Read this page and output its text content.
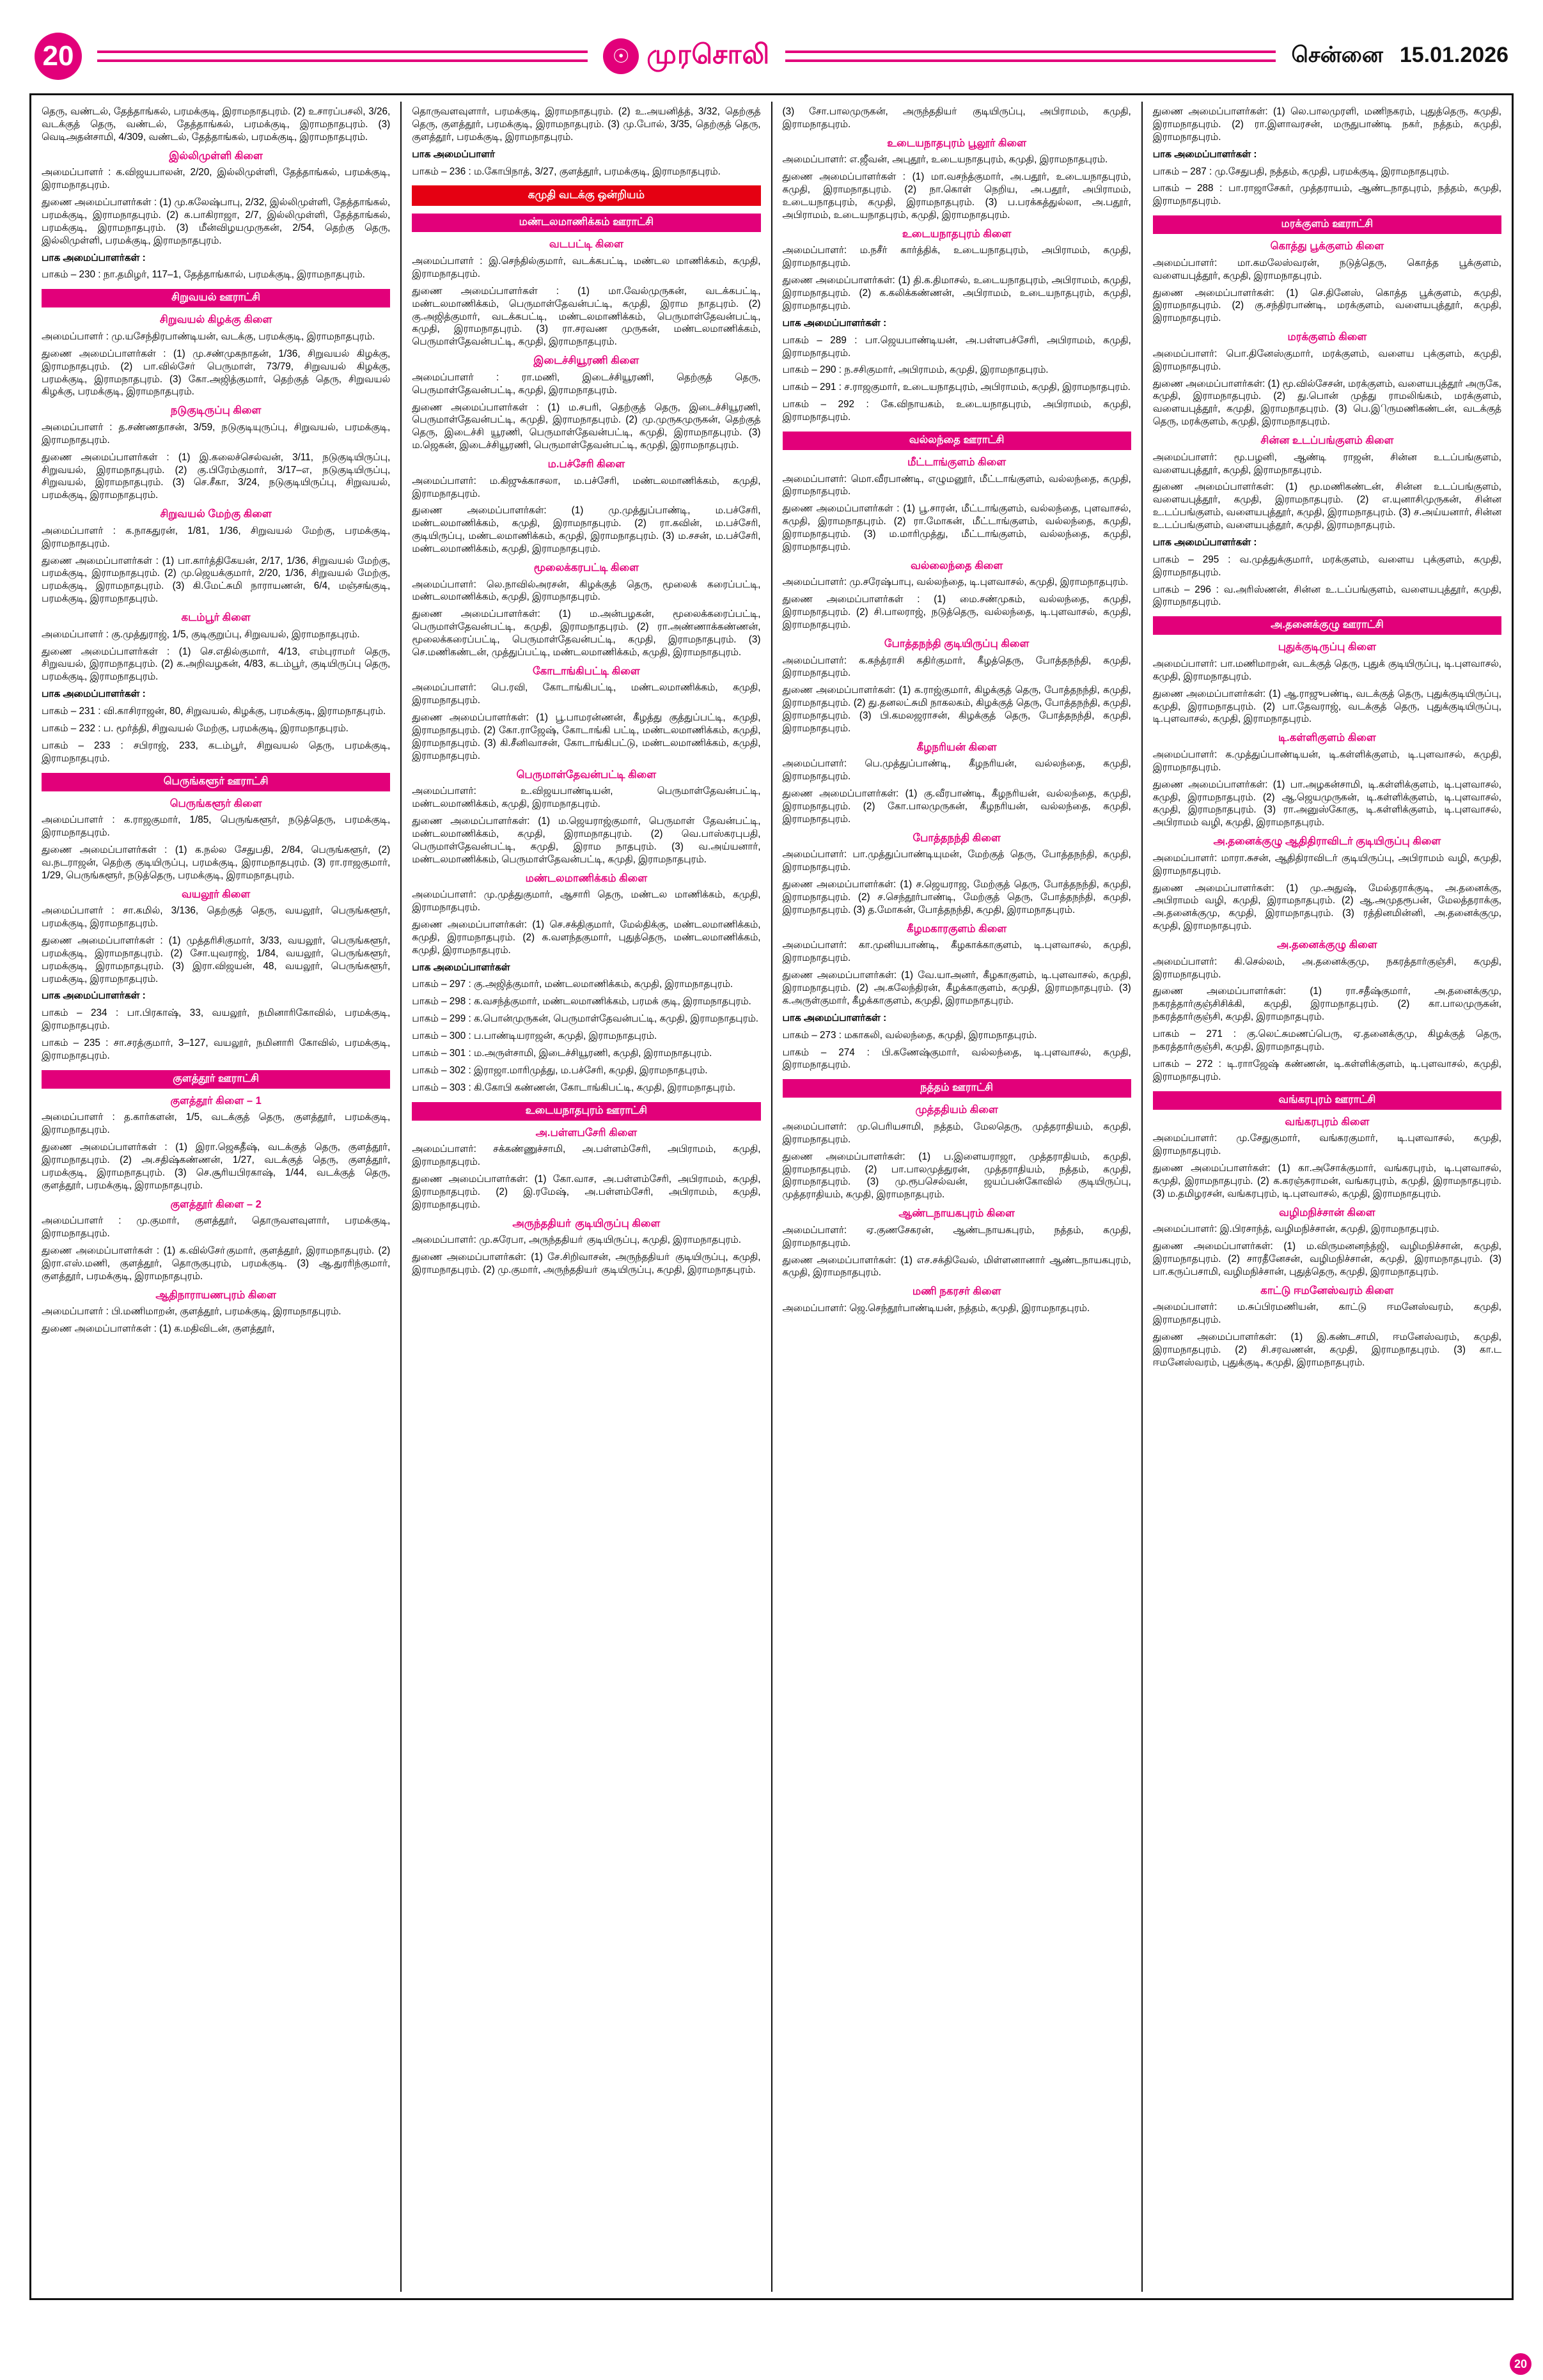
20	☉ முரசொலி	சென்னை 15.01.2026

தெரு, வண்டல், தேத்தாங்கல், பரமக்குடி, இராமநாதபுரம். (2) உசாரப்பசலி, 3/26, வடக்குத் தெரு, வண்டல், தேத்தாங்கல், பரமக்குடி, இராமநாதபுரம். (3) வெடிஅதன்சாமி, 4/309, வண்டல், தேத்தாங்கல், பரமக்குடி, இராமநாதபுரம்.

இல்லிமுள்ளி கிளை

அமைப்பாளர் : க.விஜயபாலன், 2/20, இல்லிமுள்ளி, தேத்தாங்கல், பரமக்குடி, இராமநாதபுரம்.

துணை அமைப்பாளர்கள் : (1) மு.கலேஷ்பாபு, 2/32, இல்லிமுள்ளி, தேத்தாங்கல், பரமக்குடி, இராமநாதபுரம். (2) க.பாகிராஜா, 2/7, இல்லிமுள்ளி, தேத்தாங்கல், பரமக்குடி, இராமநாதபுரம். (3) மீன்விழயமுருகன், 2/54, தெற்கு தெரு, இல்லிமுள்ளி, பரமக்குடி, இராமநாதபுரம்.

பாக அமைப்பாளர்கள் :

பாகம் – 230 : நா.தமிழர், 117–1, தேத்தாங்கால், பரமக்குடி, இராமநாதபுரம்.

சிறுவயல் ஊராட்சி
சிறுவயல் கிழக்கு கிளை

அமைப்பாளர் : மு.யசேந்திரபாண்டியன், வடக்கு, பரமக்குடி, இராமநாதபுரம்.

துணை அமைப்பாளர்கள் : (1) மு.சண்முகநாதன், 1/36, சிறுவயல் கிழக்கு, இராமநாதபுரம். (2) பா.வில்சோ் பெருமாள், 73/79, சிறுவயல் கிழக்கு, பரமக்குடி, இராமநாதபுரம். (3) கோ.அஜித்குமார், தெற்குத் தெரு, சிறுவயல் கிழக்கு, பரமக்குடி, இராமநாதபுரம்.

நடுகுடிருப்பு கிளை

அமைப்பாளர் : த.சண்ணதாசன், 3/59, நடுகுடியுருப்பு, சிறுவயல், பரமக்குடி, இராமநாதபுரம்.

துணை அமைப்பாளர்கள் : (1) இ.கலைச்செல்வன், 3/11, நடுகுடியிருப்பு, சிறுவயல், இராமநாதபுரம். (2) கு.பிரேம்குமார், 3/17–எ, நடுகுடியிருப்பு, சிறுவயல், இராமநாதபுரம். (3) செ.சீகா, 3/24, நடுகுடியிருப்பு, சிறுவயல், பரமக்குடி, இராமநாதபுரம்.

சிறுவயல் மேற்கு கிளை

அமைப்பாளர் : க.நாகதுரன், 1/81, 1/36, சிறுவயல் மேற்கு, பரமக்குடி, இராமநாதபுரம்.

துணை அமைப்பாளர்கள் : (1) பா.கார்த்திகேயன், 2/17, 1/36, சிறுவயல் மேற்கு, பரமக்குடி, இராமநாதபுரம். (2) மு.ஜெயக்குமார், 2/20, 1/36, சிறுவயல் மேற்கு, பரமக்குடி, இராமநாதபுரம். (3) கி.மேட்சுமி நாராயணன், 6/4, மஞ்சங்குடி, பரமக்குடி, இராமநாதபுரம்.

கடம்பூர் கிளை

அமைப்பாளர் : கு.முத்துராஜ், 1/5, குடிகுறுப்பு, சிறுவயல், இராமநாதபுரம்.

துணை அமைப்பாளர்கள் : (1) செ.எதில்குமார், 4/13, எம்புராமர் தெரு, சிறுவயல், இராமநாதபுரம். (2) க.அறிவழகன், 4/83, கடம்பூர், குடியிருப்பு தெரு, பரமக்குடி, இராமநாதபுரம்.

பாக அமைப்பாளர்கள் :

பாகம் – 231 : வி.காசிராஜன், 80, சிறுவயல், கிழக்கு, பரமக்குடி, இராமநாதபுரம்.

பாகம் – 232 : ப. மூர்த்தி, சிறுவயல் மேற்கு, பரமக்குடி, இராமநாதபுரம்.

பாகம் – 233 : சபிராஜ், 233, கடம்பூர், சிறுவயல் தெரு, பரமக்குடி, இராமநாதபுரம்.

பெருங்களூர் ஊராட்சி
பெருங்களூர் கிளை

அமைப்பாளர் : க.ராஜகுமார், 1/85, பெருங்களூர், நடுத்தெரு, பரமக்குடி, இராமநாதபுரம்.

துணை அமைப்பாளர்கள் : (1) க.நல்ல சேதுபதி, 2/84, பெருங்களூர், (2) வ.நடராஜன், தெற்கு குடியிருப்பு, பரமக்குடி, இராமநாதபுரம். (3) ரா.ராஜகுமார், 1/29, பெருங்களூர், நடுத்தெரு, பரமக்குடி, இராமநாதபுரம்.

வயலூர் கிளை

அமைப்பாளர் : சா.கமில், 3/136, தெற்குத் தெரு, வயலூர், பெருங்களூர், பரமக்குடி, இராமநாதபுரம்.

துணை அமைப்பாளர்கள் : (1) முத்தரிசிகுமார், 3/33, வயலூர், பெருங்களூர், பரமக்குடி, இராமநாதபுரம். (2) சோ.யுவராஜ், 1/84, வயலூர், பெருங்களூர், பரமக்குடி, இராமநாதபுரம். (3) இரா.விஜயன், 48, வயலூர், பெருங்களூர், பரமக்குடி, இராமநாதபுரம்.

பாக அமைப்பாளர்கள் :

பாகம் – 234 : பா.பிரகாஷ், 33, வயலூர், நமினாரிகோவில், பரமக்குடி, இராமநாதபுரம்.

பாகம் – 235 : சா.சரத்குமார், 3–127, வயலூர், நமினாரி கோவில், பரமக்குடி, இராமநாதபுரம்.

குளத்தூர் ஊராட்சி
குளத்தூர் கிளை – 1

அமைப்பாளர் : த.கார்களன், 1/5, வடக்குத் தெரு, குளத்தூர், பரமக்குடி, இராமநாதபுரம்.

துணை அமைப்பாளர்கள் : (1) இரா.ஜெகதீஷ், வடக்குத் தெரு, குளத்தூர், இராமநாதபுரம். (2) அ.சதிஷ்கண்ணன், 1/27, வடக்குத் தெரு, குளத்தூர், பரமக்குடி, இராமநாதபுரம். (3) செ.சூரியபிரகாஷ், 1/44, வடக்குத் தெரு, குளத்தூர், பரமக்குடி, இராமநாதபுரம்.

குளத்தூர் கிளை – 2

அமைப்பாளர் : மு.குமார், குளத்தூர், தொருவளவுளார், பரமக்குடி, இராமநாதபுரம்.

துணை அமைப்பாளர்கள் : (1) க.வில்சோ்குமார், குளத்தூர், இராமநாதபுரம். (2) இரா.எஸ்.மணி, குளத்தூர், தொருகுபுரம், பரமக்குடி. (3) ஆ.துரரிந்குமார், குளத்தூர், பரமக்குடி, இராமநாதபுரம்.

ஆதிநாராயணபுரம் கிளை

அமைப்பாளர் : பி.மணிமாறன், குளத்தூர், பரமக்குடி, இராமநாதபுரம்.

துணை அமைப்பாளர்கள் : (1) க.மதிவிடன், குளத்தூர்,

தொருவளவுளார், பரமக்குடி, இராமநாதபுரம். (2) உ.அயனித்த், 3/32, தெற்குத் தெரு, குளத்தூர், பரமக்குடி, இராமநாதபுரம். (3) மு.போல், 3/35, தெற்குத் தெரு, குளத்தூர், பரமக்குடி, இராமநாதபுரம்.

பாக அமைப்பாளர்

பாகம் – 236 : ம.கோபிநாத், 3/27, குளத்தூர், பரமக்குடி, இராமநாதபுரம்.

கமுதி வடக்கு ஒன்றியம்
மண்டலமாணிக்கம் ஊராட்சி
வடபட்டி கிளை

அமைப்பாளர் : இ.செந்தில்குமார், வடக்கபட்டி, மண்டல மாணிக்கம், கமுதி, இராமநாதபுரம்.

துணை அமைப்பாளர்கள் : (1) மா.வேல்முருகன், வடக்கபட்டி, மண்டலமாணிக்கம், பெருமாள்தேவன்பட்டி, கமுதி, இராம நாதபுரம். (2) கு.அஜித்குமார், வடக்கபட்டி, மண்டலமாணிக்கம், பெருமாள்தேவன்பட்டி, கமுதி, இராமநாதபுரம். (3) ரா.சரவண முருகன், மண்டலமாணிக்கம், பெருமாள்தேவன்பட்டி, கமுதி, இராமநாதபுரம்.

இடைச்சியூரணி கிளை

அமைப்பாளர் : ரா.மணி, இடைச்சியூரணி, தெற்குத் தெரு, பெருமாள்தேவன்பட்டி, கமுதி, இராமநாதபுரம்.

துணை அமைப்பாளர்கள் : (1) ம.சபரி, தெற்குத் தெரு, இடைச்சியூரணி, பெருமாள்தேவன்பட்டி, கமுதி, இராமநாதபுரம். (2) மு.முருகமுருகன், தெற்குத் தெரு, இடைச்சி யூரணி, பெருமாள்தேவன்பட்டி, கமுதி, இராமநாதபுரம். (3) ம.ஜெகன், இடைச்சியூரணி, பெருமாள்தேவன்பட்டி, கமுதி, இராமநாதபுரம்.

ம.பச்சேரி கிளை

அமைப்பாளர்: ம.கிஜுக்காசலா, ம.பச்சேரி, மண்டலமாணிக்கம், கமுதி, இராமநாதபுரம்.

துணை அமைப்பாளர்கள்: (1) மு.முத்துப்பாண்டி, ம.பச்சேரி, மண்டலமாணிக்கம், கமுதி, இராமநாதபுரம். (2) ரா.கவின், ம.பச்சேரி, குடியிருப்பு, மண்டலமாணிக்கம், கமுதி, இராமநாதபுரம். (3) ம.சசன், ம.பச்சேரி, மண்டலமாணிக்கம், கமுதி, இராமநாதபுரம்.

மூலைக்கரபட்டி கிளை

அமைப்பாளர்: லெ.நாவில்அரசன், கிழக்குத் தெரு, மூலைக் கரைப்பட்டி, மண்டலமாணிக்கம், கமுதி, இராமநாதபுரம்.

துணை அமைப்பாளர்கள்: (1) ம.அன்பழகன், மூலைக்கரைப்பட்டி, பெருமாள்தேவன்பட்டி, கமுதி, இராமநாதபுரம். (2) ரா.அண்ணாக்கண்ணன், மூலைக்கரைப்பட்டி, பெருமாள்தேவன்பட்டி, கமுதி, இராமநாதபுரம். (3) செ.மணிகண்டன், முத்துப்பட்டி, மண்டலமாணிக்கம், கமுதி, இராமநாதபுரம்.

கோடாங்கிபட்டி கிளை

அமைப்பாளர்: பெ.ரவி, கோடாங்கிபட்டி, மண்டலமாணிக்கம், கமுதி, இராமநாதபுரம்.

துணை அமைப்பாளர்கள்: (1) பூ.பாமரன்ணன், கீழத்து குத்துப்பட்டி, கமுதி, இராமநாதபுரம். (2) கோ.ராஜேஷ், கோடாங்கி பட்டி, மண்டலமாணிக்கம், கமுதி, இராமநாதபுரம். (3) கி.சீனிவாசன், கோடாங்கிபட்டு, மண்டலமாணிக்கம், கமுதி, இராமநாதபுரம்.

பெருமாள்தேவன்பட்டி கிளை

அமைப்பாளர்: உ.விஜயபாண்டியன், பெருமாள்தேவன்பட்டி, மண்டலமாணிக்கம், கமுதி, இராமநாதபுரம்.

துணை அமைப்பாளர்கள்: (1) ம.ஜெயராஜ்குமார், பெருமாள் தேவன்பட்டி, மண்டலமாணிக்கம், கமுதி, இராமநாதபுரம். (2) வெ.பாஸ்கரபுபதி, பெருமாள்தேவன்பட்டி, கமுதி, இராம நாதபுரம். (3) வ.அய்யனார், மண்டலமாணிக்கம், பெருமாள்தேவன்பட்டி, கமுதி, இராமநாதபுரம்.

மண்டலமாணிக்கம் கிளை

அமைப்பாளர்: மு.முத்துகுமார், ஆசாரி தெரு, மண்டல மாணிக்கம், கமுதி, இராமநாதபுரம்.

துணை அமைப்பாளர்கள்: (1) செ.சக்திகுமார், மேல்திக்கு, மண்டலமாணிக்கம், கமுதி, இராமநாதபுரம். (2) க.வளந்தகுமார், புதுத்தெரு, மண்டலமாணிக்கம், கமுதி, இராமநாதபுரம்.

பாக அமைப்பாளர்கள்

பாகம் – 297 : கு.அஜித்குமார், மண்டலமாணிக்கம், கமுதி, இராமநாதபுரம்.

பாகம் – 298 : க.வசந்த்குமார், மண்டலமாணிக்கம், பரமக் குடி, இராமநாதபுரம்.

பாகம் – 299 : க.பொன்முருகன், பெருமாள்தேவன்பட்டி, கமுதி, இராமநாதபுரம்.

பாகம் – 300 : ப.பாண்டியராஜன், கமுதி, இராமநாதபுரம்.

பாகம் – 301 : ம.அருள்சாமி, இடைச்சியூரணி, கமுதி, இராமநாதபுரம்.

பாகம் – 302 : இராஜா.மாரிமுத்து, ம.பச்சேரி, கமுதி, இராமநாதபுரம்.

பாகம் – 303 : கி.கோபி கண்ணன், கோடாங்கிபட்டி, கமுதி, இராமநாதபுரம்.

உடையநாதபுரம் ஊராட்சி
அ.பள்ளபசேரி கிளை

அமைப்பாளர்: சக்கண்ணுச்சாமி, அ.பள்ளம்சேரி, அபிராமம், கமுதி, இராமநாதபுரம்.

துணை அமைப்பாளர்கள்: (1) கோ.வாச, அ.பள்ளம்சேரி, அபிராமம், கமுதி, இராமநாதபுரம். (2) இ.ரமேஷ், அ.பள்ளம்சேரி, அபிராமம், கமுதி, இராமநாதபுரம்.

அருந்ததியா் குடியிருப்பு கிளை

அமைப்பாளர்: மு.சுரேபா, அருந்ததியா் குடியிருப்பு, கமுதி, இராமநாதபுரம்.

துணை அமைப்பாளர்கள்: (1) சே.சிறிவாசன், அருந்ததியா் குடியிருப்பு, கமுதி, இராமநாதபுரம். (2) மு.குமார், அருந்ததியா் குடியிருப்பு, கமுதி, இராமநாதபுரம்.

(3) சோ.பாலமுருகன், அருந்ததியா் குடியிருப்பு, அபிராமம், கமுதி, இராமநாதபுரம்.

உடையநாதபுரம் பூலூர் கிளை

அமைப்பாளர்: எ.ஜீவன், அபுதூர், உடையநாதபுரம், கமுதி, இராமநாதபுரம்.

துணை அமைப்பாளர்கள் : (1) மா.வசந்த்குமார், அ.பதூர், உடையநாதபுரம், கமுதி, இராமநாதபுரம். (2) நா.கொள் நெறிய, அ.பதூர், அபிராமம், உடையநாதபுரம், கமுதி, இராமநாதபுரம். (3) ப.பரக்கத்துல்லா, அ.பதூர், அபிராமம், உடையநாதபுரம், கமுதி, இராமநாதபுரம்.

உடையநாதபுரம் கிளை

அமைப்பாளர்: ம.நசீர் கார்த்திக், உடையநாதபுரம், அபிராமம், கமுதி, இராமநாதபுரம்.

துணை அமைப்பாளர்கள்: (1) தி.க.திமாசல், உடையநாதபுரம், அபிராமம், கமுதி, இராமநாதபுரம். (2) க.கலிக்கண்ணன், அபிராமம், உடையநாதபுரம், கமுதி, இராமநாதபுரம்.

பாக அமைப்பாளர்கள் :

பாகம் – 289 : பா.ஜெயபாண்டியன், அ.பள்ளபச்சேரி, அபிராமம், கமுதி, இராமநாதபுரம்.

பாகம் – 290 : ந.சசிகுமார், அபிராமம், கமுதி, இராமநாதபுரம்.

பாகம் – 291 : ச.ராஜகுமார், உடையநாதபுரம், அபிராமம், கமுதி, இராமநாதபுரம்.

பாகம் – 292 : கே.விநாயகம், உடையநாதபுரம், அபிராமம், கமுதி, இராமநாதபுரம்.

வல்லந்தை ஊராட்சி
மீட்டாங்குளம் கிளை

அமைப்பாளர்: மொ.வீரபாண்டி, எழுமனூர், மீட்டாங்குளம், வல்லந்தை, கமுதி, இராமநாதபுரம்.

துணை அமைப்பாளர்கள் : (1) பூ.சாரன், மீட்டாங்குளம், வல்லந்தை, புளவாசல், கமுதி, இராமநாதபுரம். (2) ரா.மோகன், மீட்டாங்குளம், வல்லந்தை, கமுதி, இராமநாதபுரம். (3) ம.மாரிமுத்து, மீட்டாங்குளம், வல்லந்தை, கமுதி, இராமநாதபுரம்.

வல்லைந்தை கிளை

அமைப்பாளர்: மு.சரேஷ்பாபு, வல்லந்தை, டி.புளவாசல், கமுதி, இராமநாதபுரம்.

துணை அமைப்பாளர்கள் : (1) மை.சண்முகம், வல்லந்தை, கமுதி, இராமநாதபுரம். (2) சி.பாலராஜ், நடுத்தெரு, வல்லந்தை, டி.புளவாசல், கமுதி, இராமநாதபுரம்.

போத்தநந்தி குடியிருப்பு கிளை

அமைப்பாளர்: க.கந்த்ராசி கதிர்குமார், கீழத்தெரு, போத்தநந்தி, கமுதி, இராமநாதபுரம்.

துணை அமைப்பாளர்கள்: (1) க.ராஜ்குமார், கிழக்குத் தெரு, போத்தநந்தி, கமுதி, இராமநாதபுரம். (2) து.தனலட்சுமி நாகலகம், கிழக்குத் தெரு, போத்தநந்தி, கமுதி, இராமநாதபுரம். (3) பி.கமலஜராசன், கிழக்குத் தெரு, போத்தநந்தி, கமுதி, இராமநாதபுரம்.

கீழநரியன் கிளை

அமைப்பாளர்: பெ.முத்துப்பாண்டி, கீழநரியன், வல்லந்தை, கமுதி, இராமநாதபுரம்.

துணை அமைப்பாளர்கள்: (1) கு.வீரபாண்டி, கீழநரியன், வல்லந்தை, கமுதி, இராமநாதபுரம். (2) கோ.பாலமுருகன், கீழநரியன், வல்லந்தை, கமுதி, இராமநாதபுரம்.

போத்தநந்தி கிளை

அமைப்பாளர்: பா.முத்துப்பாண்டியுமன், மேற்குத் தெரு, போத்தநந்தி, கமுதி, இராமநாதபுரம்.

துணை அமைப்பாளர்கள்: (1) ச.ஜெயராஜ, மேற்குத் தெரு, போத்தநந்தி, கமுதி, இராமநாதபுரம். (2) ச.செந்தூர்பாண்டி, மேற்குத் தெரு, போத்தநந்தி, கமுதி, இராமநாதபுரம். (3) த.மோகன், போத்தநந்தி, கமுதி, இராமநாதபுரம்.

கீழமகாரகுளம் கிளை

அமைப்பாளர்: கா.முனியபாண்டி, கீழகாக்காகுளம், டி.புளவாசல், கமுதி, இராமநாதபுரம்.

துணை அமைப்பாளர்கள்: (1) வே.யாஅனர், கீழகாகுளம், டி.புளவாசல், கமுதி, இராமநாதபுரம். (2) அ.கலேந்திரன், கீழக்காகுளம், கமுதி, இராமநாதபுரம். (3) க.அருள்குமார், கீழக்காகுளம், கமுதி, இராமநாதபுரம்.

பாக அமைப்பாளர்கள் :

பாகம் – 273 : மகாகலி, வல்லந்தை, கமுதி, இராமநாதபுரம்.

பாகம் – 274 : பி.கணேஷ்குமார், வல்லந்தை, டி.புளவாசல், கமுதி, இராமநாதபுரம்.

நத்தம் ஊராட்சி
முத்ததியம் கிளை

அமைப்பாளர்: மு.பெரியசாமி, நத்தம், மேலதெரு, முத்தராதியம், கமுதி, இராமநாதபுரம்.

துணை அமைப்பாளர்கள்: (1) ப.இளையராஜா, முத்தராதியம், கமுதி, இராமநாதபுரம். (2) பா.பாலமுத்துரன், முத்தராதியம், நத்தம், கமுதி, இராமநாதபுரம். (3) மு.ரூபசெல்வன், ஜயப்பன்கோவில் குடியிருப்பு, முத்தராதியம், கமுதி, இராமநாதபுரம்.

ஆண்டநாயகபுரம் கிளை

அமைப்பாளர்: ஏ.குணசேகரன், ஆண்டநாயகபுரம், நத்தம், கமுதி, இராமநாதபுரம்.

துணை அமைப்பாளர்கள்: (1) எச.சக்திவேல், மிள்ளனானார் ஆண்டநாயகபுரம், கமுதி, இராமநாதபுரம்.

மணி நகரசர் கிளை

அமைப்பாளர்: ஜெ.செந்தூர்பாண்டியன், நத்தம், கமுதி, இராமநாதபுரம்.

துணை அமைப்பாளர்கள்: (1) லெ.பாலமுரளி, மணிநகரம், புதுத்தெரு, கமுதி, இராமநாதபுரம். (2) ரா.இளாவரசன், மருதுபாண்டி நகர், நத்தம், கமுதி, இராமநாதபுரம்.

பாக அமைப்பாளர்கள் :

பாகம் – 287 : மு.சேதுபதி, நத்தம், கமுதி, பரமக்குடி, இராமநாதபுரம்.

பாகம் – 288 : பா.ராஜாசேகர், முத்தராயம், ஆண்டநாதபுரம், நத்தம், கமுதி, இராமநாதபுரம்.

மரக்குளம் ஊராட்சி
கொத்து பூக்குளம் கிளை

அமைப்பாளர்: மா.கமலேஸ்வரன், நடுத்தெரு, கொத்த பூக்குளம், வளையபுத்தூர், கமுதி, இராமநாதபுரம்.

துணை அமைப்பாளர்கள்: (1) செ.தினேஸ், கொத்த பூக்குளம், கமுதி, இராமநாதபுரம். (2) கு.சந்திரபாண்டி, மரக்குளம், வளையபுத்தூர், கமுதி, இராமநாதபுரம்.

மரக்குளம் கிளை

அமைப்பாளர்: பொ.தினேஸ்குமார், மரக்குளம், வளைய புக்குளம், கமுதி, இராமநாதபுரம்.

துணை அமைப்பாளர்கள்: (1) மூ.வில்சேசன், மரக்குளம், வளையபுத்தூர் அருகே, கமுதி, இராமநாதபுரம். (2) து.பொன் முத்து ராமலிங்கம், மரக்குளம், வளையபுத்தூர், கமுதி, இராமநாதபுரம். (3) பெ.இிருமணிகண்டன், வடக்குத் தெரு, மரக்குளம், கமுதி, இராமநாதபுரம்.

சின்ன உடப்பங்குளம் கிளை

அமைப்பாளர்: மூ.பழனி, ஆண்டி ராஜன், சின்ன உடப்பங்குளம், வளையபுத்தூர், கமுதி, இராமநாதபுரம்.

துணை அமைப்பாளர்கள்: (1) மூ.மணிகண்டன், சின்ன உடப்பங்குளம், வளையபுத்தூர், கமுதி, இராமநாதபுரம். (2) எ.யுனாசிமுருகன், சின்ன உ.டப்பங்குளம், வளையபுத்தூர், கமுதி, இராமநாதபுரம். (3) ச.அய்யனார், சின்ன உ.டப்பங்குளம், வளையபுத்தூர், கமுதி, இராமநாதபுரம்.

பாக அமைப்பாளர்கள் :

பாகம் – 295 : வ.முத்துக்குமார், மரக்குளம், வளைய புக்குளம், கமுதி, இராமநாதபுரம்.

பாகம் – 296 : வ.அரிஸ்ணன், சின்ன உ.டப்பங்குளம், வளையபுத்தூர், கமுதி, இராமநாதபுரம்.

அ.தனைக்குழு ஊராட்சி
புதுக்குடிருப்பு கிளை

அமைப்பாளர்: பா.மணிமாறன், வடக்குத் தெரு, புதுக் குடியிருப்பு, டி.புளவாசல், கமுதி, இராமநாதபுரம்.

துணை அமைப்பாளர்கள்: (1) ஆ.ராஜுபண்டி, வடக்குத் தெரு, புதுக்குடியிருப்பு, கமுதி, இராமநாதபுரம். (2) பா.தேவராஜ், வடக்குத் தெரு, புதுக்குடியிருப்பு, டி.புளவாசல், கமுதி, இராமநாதபுரம்.

டி.கள்ளிகுளம் கிளை

அமைப்பாளர்: க.முத்துப்பாண்டியன், டி.கள்ளிக்குளம், டி.புளவாசல், கமுதி, இராமநாதபுரம்.

துணை அமைப்பாளர்கள்: (1) பா.அழகன்சாமி, டி.கள்ளிக்குளம், டி.புளவாசல், கமுதி, இராமநாதபுரம். (2) ஆ.ஜெயமுருகன், டி.கள்ளிக்குளம், டி.புளவாசல், கமுதி, இராமநாதபுரம். (3) ரா.அனுஸ்கோகு, டி.கள்ளிக்குளம், டி.புளவாசல், அபிராமம் வழி, கமுதி, இராமநாதபுரம்.

அ.தனைக்குழு ஆதிதிராவிடர் குடியிருப்பு கிளை

அமைப்பாளர்: மாரா.சுசன், ஆதிதிராவிடர் குடியிருப்பு, அபிராமம் வழி, கமுதி, இராமநாதபுரம்.

துணை அமைப்பாளர்கள்: (1) மு.அதுஷ், மேல்தராக்குடி, அ.தனைக்கு, அபிராமம் வழி, கமுதி, இராமநாதபுரம். (2) ஆ.அமுதரூபன், மேலத்தராக்கு, அ.தனைக்குமு, கமுதி, இராமநாதபுரம். (3) ரத்தினமின்னி, அ.தனைக்குமு, கமுதி, இராமநாதபுரம்.

அ.தனைக்குழு கிளை

அமைப்பாளர்: கி.செல்லம், அ.தனைக்குமு, நகரத்தார்குஞ்சி, கமுதி, இராமநாதபுரம்.

துணை அமைப்பாளர்கள்: (1) ரா.சதீஷ்குமார், அ.தனைக்குமு, நகரத்தார்குஞ்சிசிக்கி, கமுதி, இராமநாதபுரம். (2) கா.பாலமுருகன், நகரத்தார்குஞ்சி, கமுதி, இராமநாதபுரம்.

பாகம் – 271 : கு.லெட்சுமணப்பெரு, ஏ.தனைக்குமு, கிழக்குத் தெரு, நகரத்தார்குஞ்சி, கமுதி, இராமநாதபுரம்.

பாகம் – 272 : டி.ராாஜேஷ் கண்ணன், டி.கள்ளிக்குளம், டி.புளவாசல், கமுதி, இராமநாதபுரம்.

வங்கரபுரம் ஊராட்சி
வங்கரபுரம் கிளை

அமைப்பாளர்: மு.சேதுகுமார், வங்கரகுமார், டி.புளவாசல், கமுதி, இராமநாதபுரம்.

துணை அமைப்பாளர்கள்: (1) கா.அசோக்குமார், வங்கரபுரம், டி.புளவாசல், கமுதி, இராமநாதபுரம். (2) க.கரஞ்சுராமன், வங்கரபுரம், கமுதி, இராமநாதபுரம். (3) ம.தமிழரசன், வங்கரபுரம், டி.புளவாசல், கமுதி, இராமநாதபுரம்.

வழிமநிச்சான் கிளை

அமைப்பாளர்: இ.பிரசாந்த், வழிமநிச்சான், கமுதி, இராமநாதபுரம்.

துணை அமைப்பாளர்கள்: (1) ம.விருமனனந்த்ஜி, வழிமநிச்சான், கமுதி, இராமநாதபுரம். (2) சாரதீனேசன், வழிமநிச்சான், கமுதி, இராமநாதபுரம். (3) பா.கருப்பசாமி, வழிமநிச்சான், புதுத்தெரு, கமுதி, இராமநாதபுரம்.

காட்டு ஈமனேஸ்வரம் கிளை

அமைப்பாளர்: ம.சுப்பிரமணியன், காட்டு ஈமனேஸ்வரம், கமுதி, இராமநாதபுரம்.

துணை அமைப்பாளர்கள்: (1) இ.கண்டசாமி, ஈமனேஸ்வரம், கமுதி, இராமநாதபுரம். (2) சி.சரவணன், கமுதி, இராமநாதபுரம். (3) கா.ட ஈமனேஸ்வரம், புதுக்குடி, கமுதி, இராமநாதபுரம்.

20
